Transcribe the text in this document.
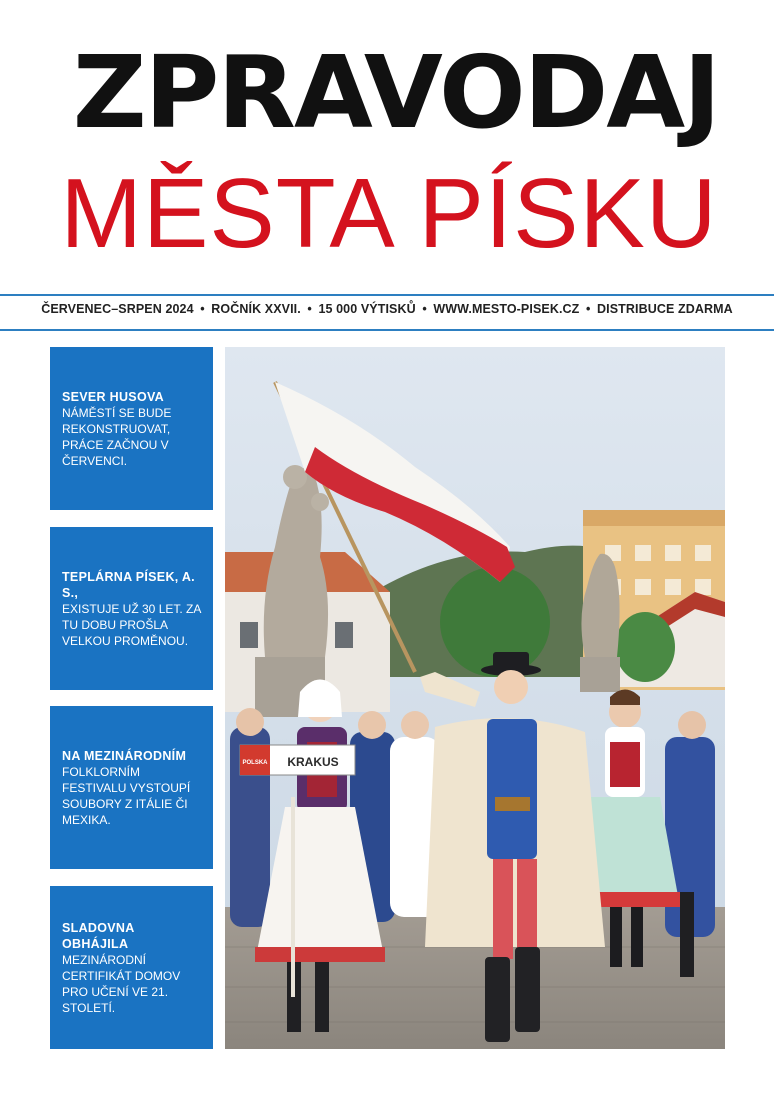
ZPRAVODAJ
MĚSTA PÍSKU
ČERVENEC–SRPEN 2024 • ROČNÍK XXVII. • 15 000 VÝTISKŮ • WWW.MESTO-PISEK.CZ • DISTRIBUCE ZDARMA
SEVER HUSOVA
NÁMĚSTÍ SE BUDE REKONSTRUOVAT, PRÁCE ZAČNOU V ČERVENCI.
TEPLÁRNA PÍSEK, A. S.,
EXISTUJE UŽ 30 LET. ZA TU DOBU PROŠLA VELKOU PROMĚNOU.
NA MEZINÁRODNÍM
FOLKLORNÍM FESTIVALU VYSTOUPÍ SOUBORY Z ITÁLIE ČI MEXIKA.
SLADOVNA OBHÁJILA
MEZINÁRODNÍ CERTIFIKÁT DOMOV PRO UČENÍ VE 21. STOLETÍ.
POLSKA KRAKUS
